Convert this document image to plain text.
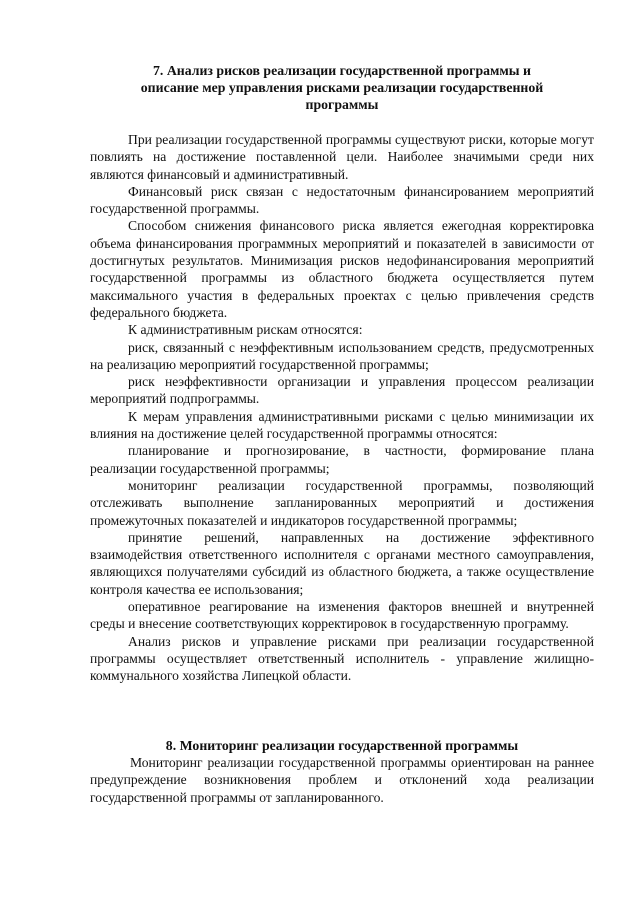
7. Анализ рисков реализации государственной программы и
описание мер управления рисками реализации государственной
программы

При реализации государственной программы существуют риски, которые могут повлиять на достижение поставленной цели. Наиболее значимыми среди них являются финансовый и административный.

Финансовый риск связан с недостаточным финансированием мероприятий государственной программы.

Способом снижения финансового риска является ежегодная корректировка объема финансирования программных мероприятий и показателей в зависимости от достигнутых результатов. Минимизация рисков недофинансирования мероприятий государственной программы из областного бюджета осуществляется путем максимального участия в федеральных проектах с целью привлечения средств федерального бюджета.

К административным рискам относятся:

риск, связанный с неэффективным использованием средств, предусмотренных на реализацию мероприятий государственной программы;

риск неэффективности организации и управления процессом реализации мероприятий подпрограммы.

К мерам управления административными рисками с целью минимизации их влияния на достижение целей государственной программы относятся:

планирование и прогнозирование, в частности, формирование плана реализации государственной программы;

мониторинг реализации государственной программы, позволяющий отслеживать выполнение запланированных мероприятий и достижения промежуточных показателей и индикаторов государственной программы;

принятие решений, направленных на достижение эффективного взаимодействия ответственного исполнителя с органами местного самоуправления, являющихся получателями субсидий из областного бюджета, а также осуществление контроля качества ее использования;

оперативное реагирование на изменения факторов внешней и внутренней среды и внесение соответствующих корректировок в государственную программу.

Анализ рисков и управление рисками при реализации государственной программы осуществляет ответственный исполнитель - управление жилищно-коммунального хозяйства Липецкой области.

8. Мониторинг реализации государственной программы

Мониторинг реализации государственной программы ориентирован на раннее предупреждение возникновения проблем и отклонений хода реализации государственной программы от запланированного.
